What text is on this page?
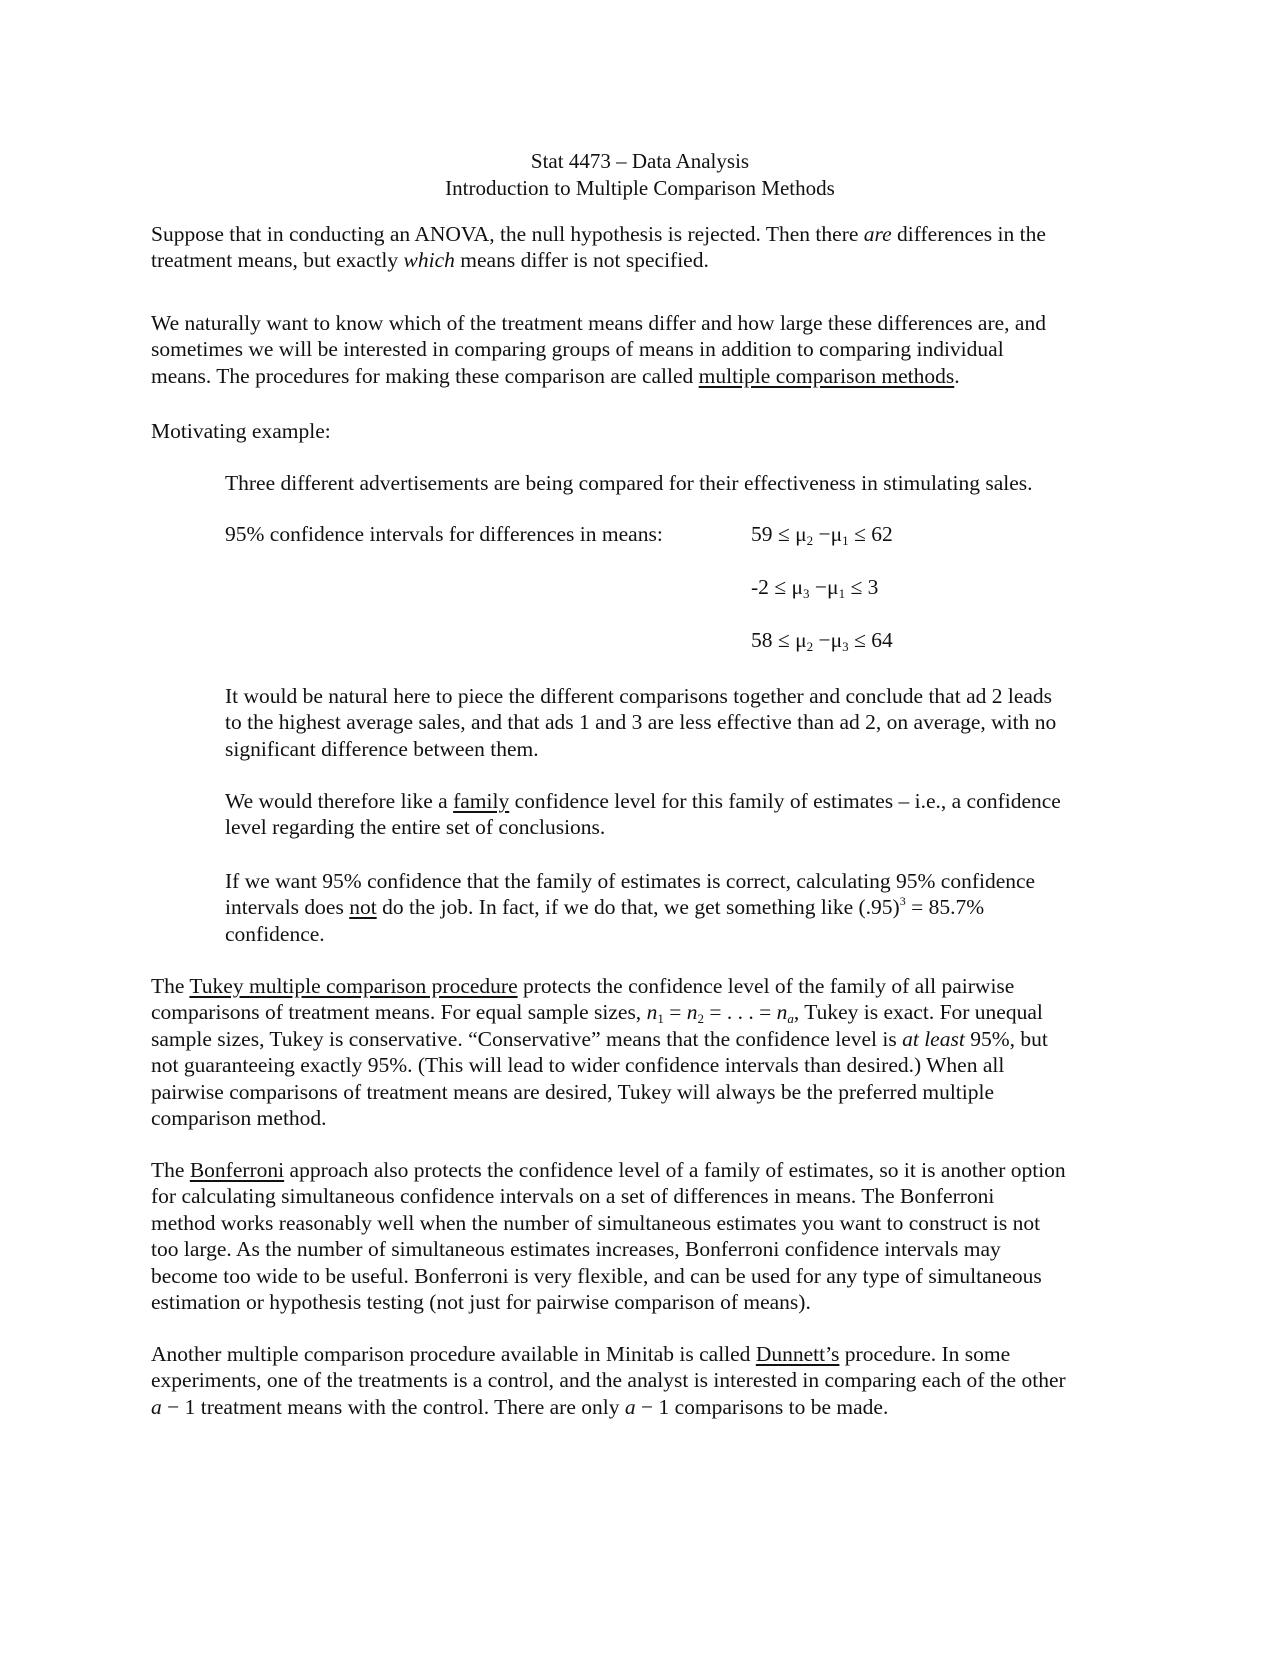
Stat 4473 – Data Analysis
Introduction to Multiple Comparison Methods

Suppose that in conducting an ANOVA, the null hypothesis is rejected. Then there are differences in the
treatment means, but exactly which means differ is not specified.

We naturally want to know which of the treatment means differ and how large these differences are, and
sometimes we will be interested in comparing groups of means in addition to comparing individual
means. The procedures for making these comparison are called multiple comparison methods.

Motivating example:

Three different advertisements are being compared for their effectiveness in stimulating sales.

95% confidence intervals for differences in means:	$59 \le \mu_2 -\mu_1 \le 62$
$-2 \le \mu_3 -\mu_1 \le 3$
$58 \le \mu_2 -\mu_3 \le 64$

It would be natural here to piece the different comparisons together and conclude that ad 2 leads
to the highest average sales, and that ads 1 and 3 are less effective than ad 2, on average, with no
significant difference between them.

We would therefore like a family confidence level for this family of estimates – i.e., a confidence
level regarding the entire set of conclusions.

If we want 95% confidence that the family of estimates is correct, calculating 95% confidence
intervals does not do the job. In fact, if we do that, we get something like $(.95)^3 = 85.7\%$
confidence.

The Tukey multiple comparison procedure protects the confidence level of the family of all pairwise
comparisons of treatment means. For equal sample sizes, $n_1 = n_2$ = . . . = $n_a$, Tukey is exact. For unequal
sample sizes, Tukey is conservative. “Conservative” means that the confidence level is at least 95%, but
not guaranteeing exactly 95%. (This will lead to wider confidence intervals than desired.) When all
pairwise comparisons of treatment means are desired, Tukey will always be the preferred multiple
comparison method.

The Bonferroni approach also protects the confidence level of a family of estimates, so it is another option
for calculating simultaneous confidence intervals on a set of differences in means. The Bonferroni
method works reasonably well when the number of simultaneous estimates you want to construct is not
too large. As the number of simultaneous estimates increases, Bonferroni confidence intervals may
become too wide to be useful. Bonferroni is very flexible, and can be used for any type of simultaneous
estimation or hypothesis testing (not just for pairwise comparison of means).

Another multiple comparison procedure available in Minitab is called Dunnett’s procedure. In some
experiments, one of the treatments is a control, and the analyst is interested in comparing each of the other
a − 1 treatment means with the control. There are only a − 1 comparisons to be made.
